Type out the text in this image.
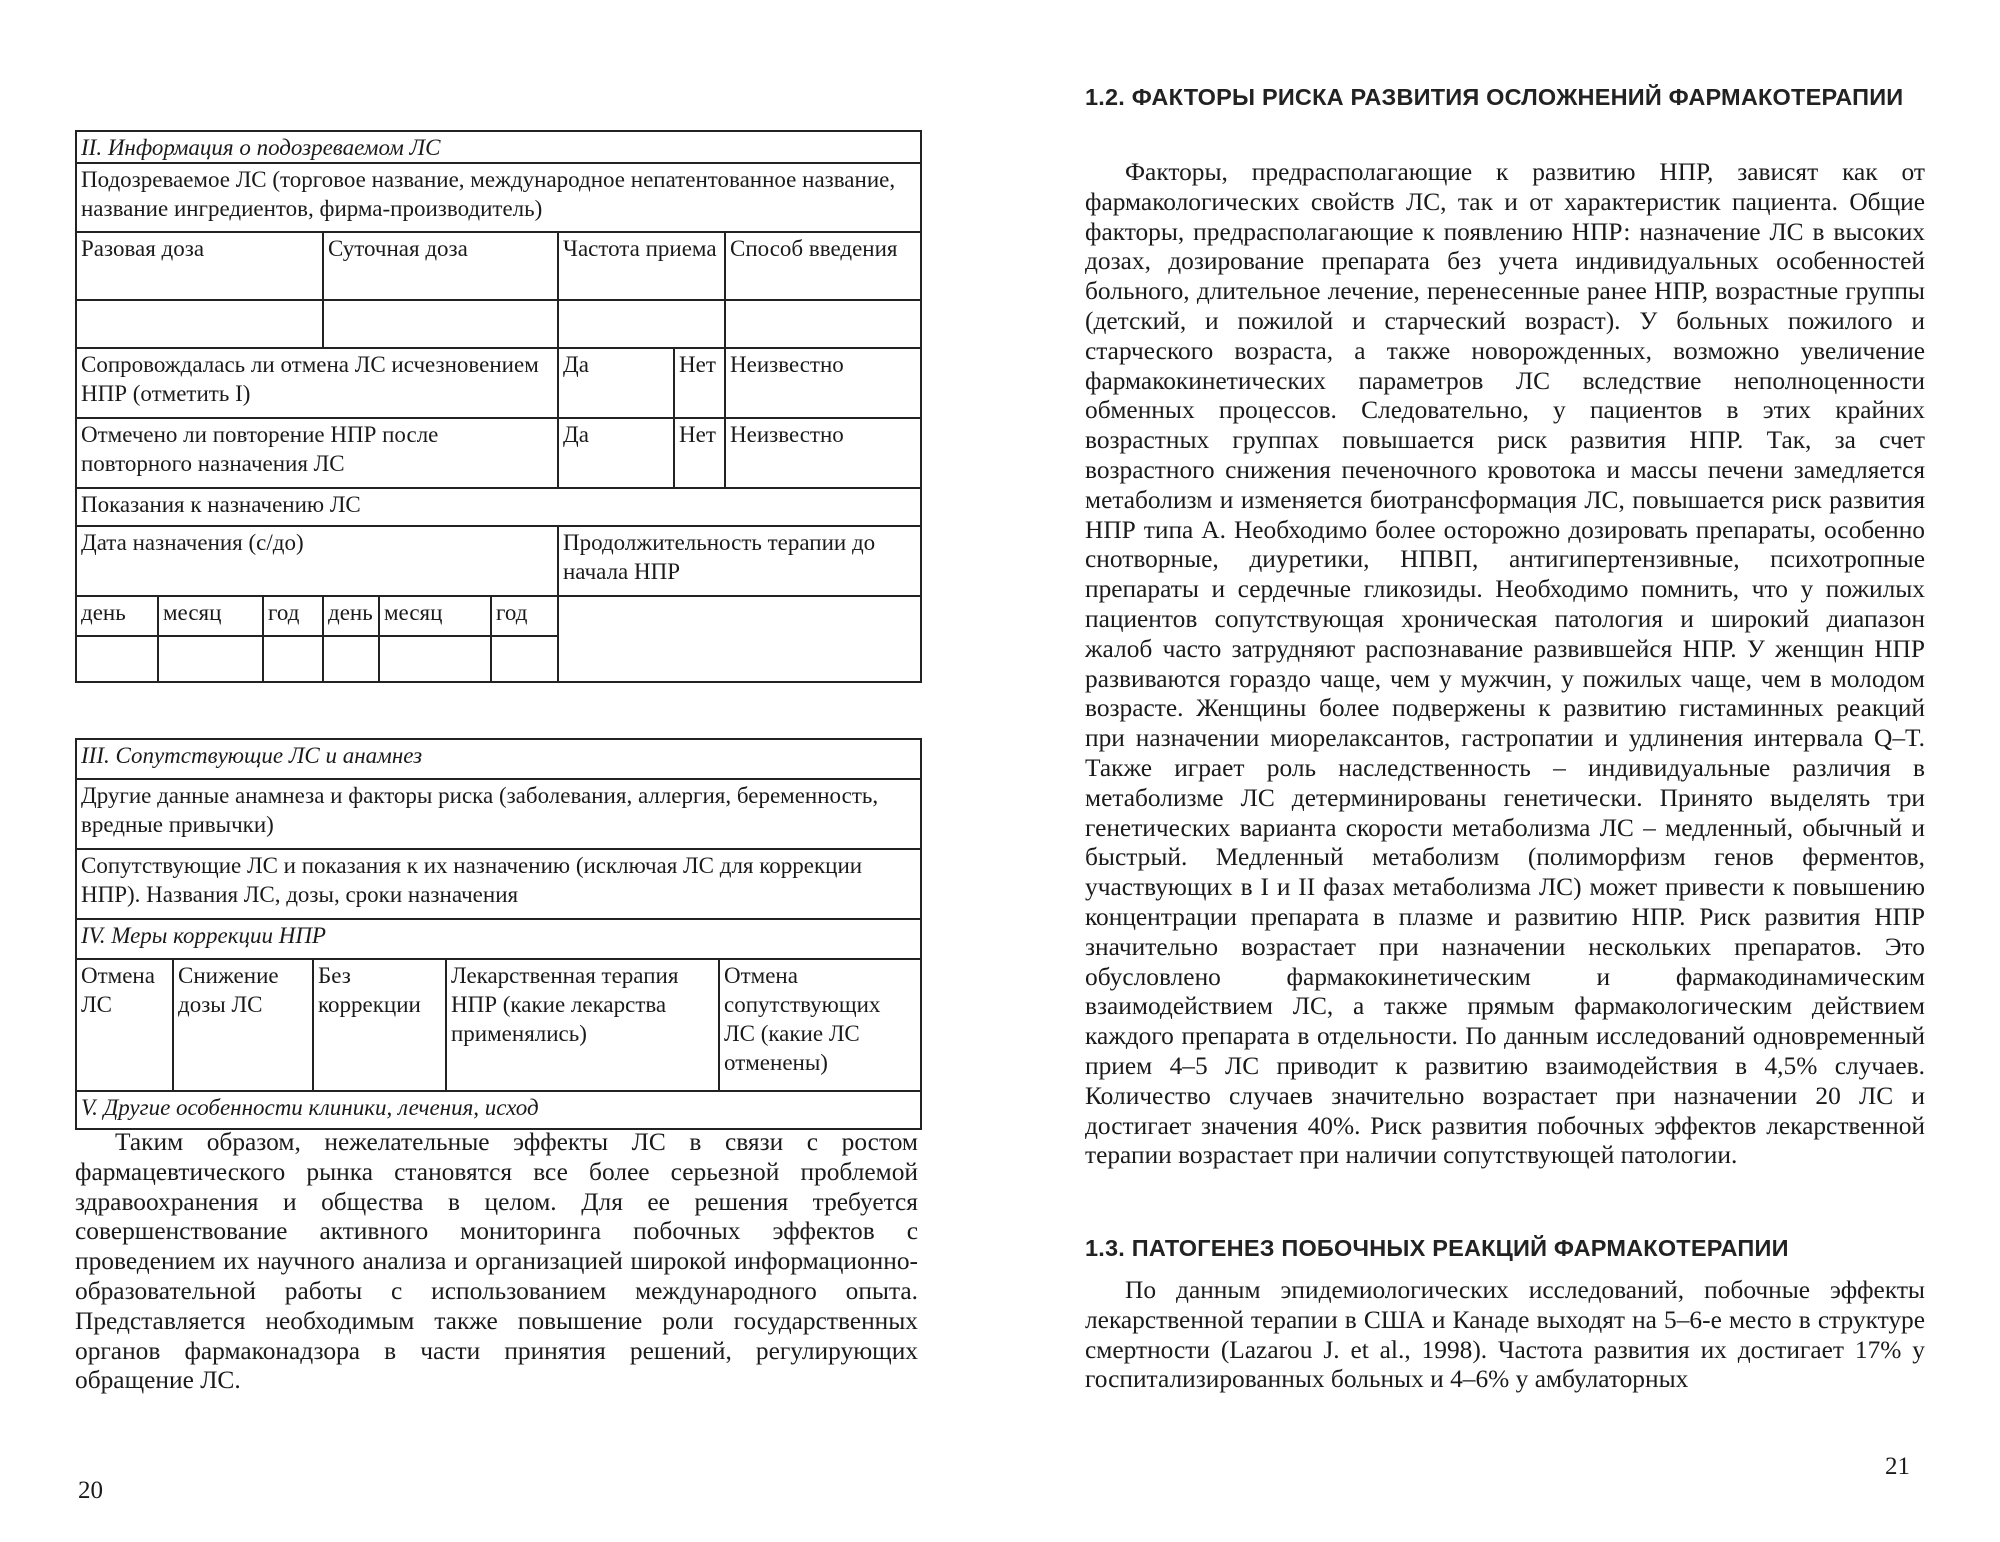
II. Информация о подозреваемом ЛС								
Подозреваемое ЛС (торговое название, международное непатентованное название, название ингредиентов, фирма-производитель)								
Разовая доза			Суточная доза			Частота приема		Способ введения

Сопровождалась ли отмена ЛС исчезновением НПР (отметить I)						Да	Нет	Неизвестно
Отмечено ли повторение НПР после повторного назначения ЛС						Да	Нет	Неизвестно
Показания к назначению ЛС								
Дата назначения (с/до)						Продолжительность терапии до начала НПР		
день	месяц	год	день	месяц	год			

III. Сопутствующие ЛС и анамнез
Другие данные анамнеза и факторы риска (заболевания, аллергия, беременность, вредные привычки)
Сопутствующие ЛС и показания к их назначению (исключая ЛС для коррекции НПР). Названия ЛС, дозы, сроки назначения
IV. Меры коррекции НПР
Отмена ЛС	Снижение дозы ЛС	Без коррекции	Лекарственная терапия НПР (какие лекарства применялись)	Отмена сопутствующих ЛС (какие ЛС отменены)
V. Другие особенности клиники, лечения, исход

Таким образом, нежелательные эффекты ЛС в связи с ростом фармацевтического рынка становятся все более серьезной проблемой здравоохранения и общества в целом. Для ее решения требуется совершенствование активного мониторинга побочных эффектов с проведением их научного анализа и организацией широкой информационно-образовательной работы с использованием международного опыта. Представляется необходимым также повышение роли государственных органов фармаконадзора в части принятия решений, регулирующих обращение ЛС.

20
1.2. ФАКТОРЫ РИСКА РАЗВИТИЯ ОСЛОЖНЕНИЙ ФАРМАКОТЕРАПИИ

Факторы, предрасполагающие к развитию НПР, зависят как от фармакологических свойств ЛС, так и от характеристик пациента. Общие факторы, предрасполагающие к появлению НПР: назначение ЛС в высоких дозах, дозирование препарата без учета индивидуальных особенностей больного, длительное лечение, перенесенные ранее НПР, возрастные группы (детский, и пожилой и старческий возраст). У больных пожилого и старческого возраста, а также новорожденных, возможно увеличение фармакокинетических параметров ЛС вследствие неполноценности обменных процессов. Следовательно, у пациентов в этих крайних возрастных группах повышается риск развития НПР. Так, за счет возрастного снижения печеночного кровотока и массы печени замедляется метаболизм и изменяется биотрансформация ЛС, повышается риск развития НПР типа А. Необходимо более осторожно дозировать препараты, особенно снотворные, диуретики, НПВП, антигипертензивные, психотропные препараты и сердечные гликозиды. Необходимо помнить, что у пожилых пациентов сопутствующая хроническая патология и широкий диапазон жалоб часто затрудняют распознавание развившейся НПР. У женщин НПР развиваются гораздо чаще, чем у мужчин, у пожилых чаще, чем в молодом возрасте. Женщины более подвержены к развитию гистаминных реакций при назначении миорелаксантов, гастропатии и удлинения интервала Q–T. Также играет роль наследственность – индивидуальные различия в метаболизме ЛС детерминированы генетически. Принято выделять три генетических варианта скорости метаболизма ЛС – медленный, обычный и быстрый. Медленный метаболизм (полиморфизм генов ферментов, участвующих в I и II фазах метаболизма ЛС) может привести к повышению концентрации препарата в плазме и развитию НПР. Риск развития НПР значительно возрастает при назначении нескольких препаратов. Это обусловлено фармакокинетическим и фармакодинамическим взаимодействием ЛС, а также прямым фармакологическим действием каждого препарата в отдельности. По данным исследований одновременный прием 4–5 ЛС приводит к развитию взаимодействия в 4,5% случаев. Количество случаев значительно возрастает при назначении 20 ЛС и достигает значения 40%. Риск развития побочных эффектов лекарственной терапии возрастает при наличии сопутствующей патологии.

1.3. ПАТОГЕНЕЗ ПОБОЧНЫХ РЕАКЦИЙ ФАРМАКОТЕРАПИИ

По данным эпидемиологических исследований, побочные эффекты лекарственной терапии в США и Канаде выходят на 5–6-е место в структуре смертности (Lazarou J. et al., 1998). Частота развития их достигает 17% у госпитализированных больных и 4–6% у амбулаторных

21
